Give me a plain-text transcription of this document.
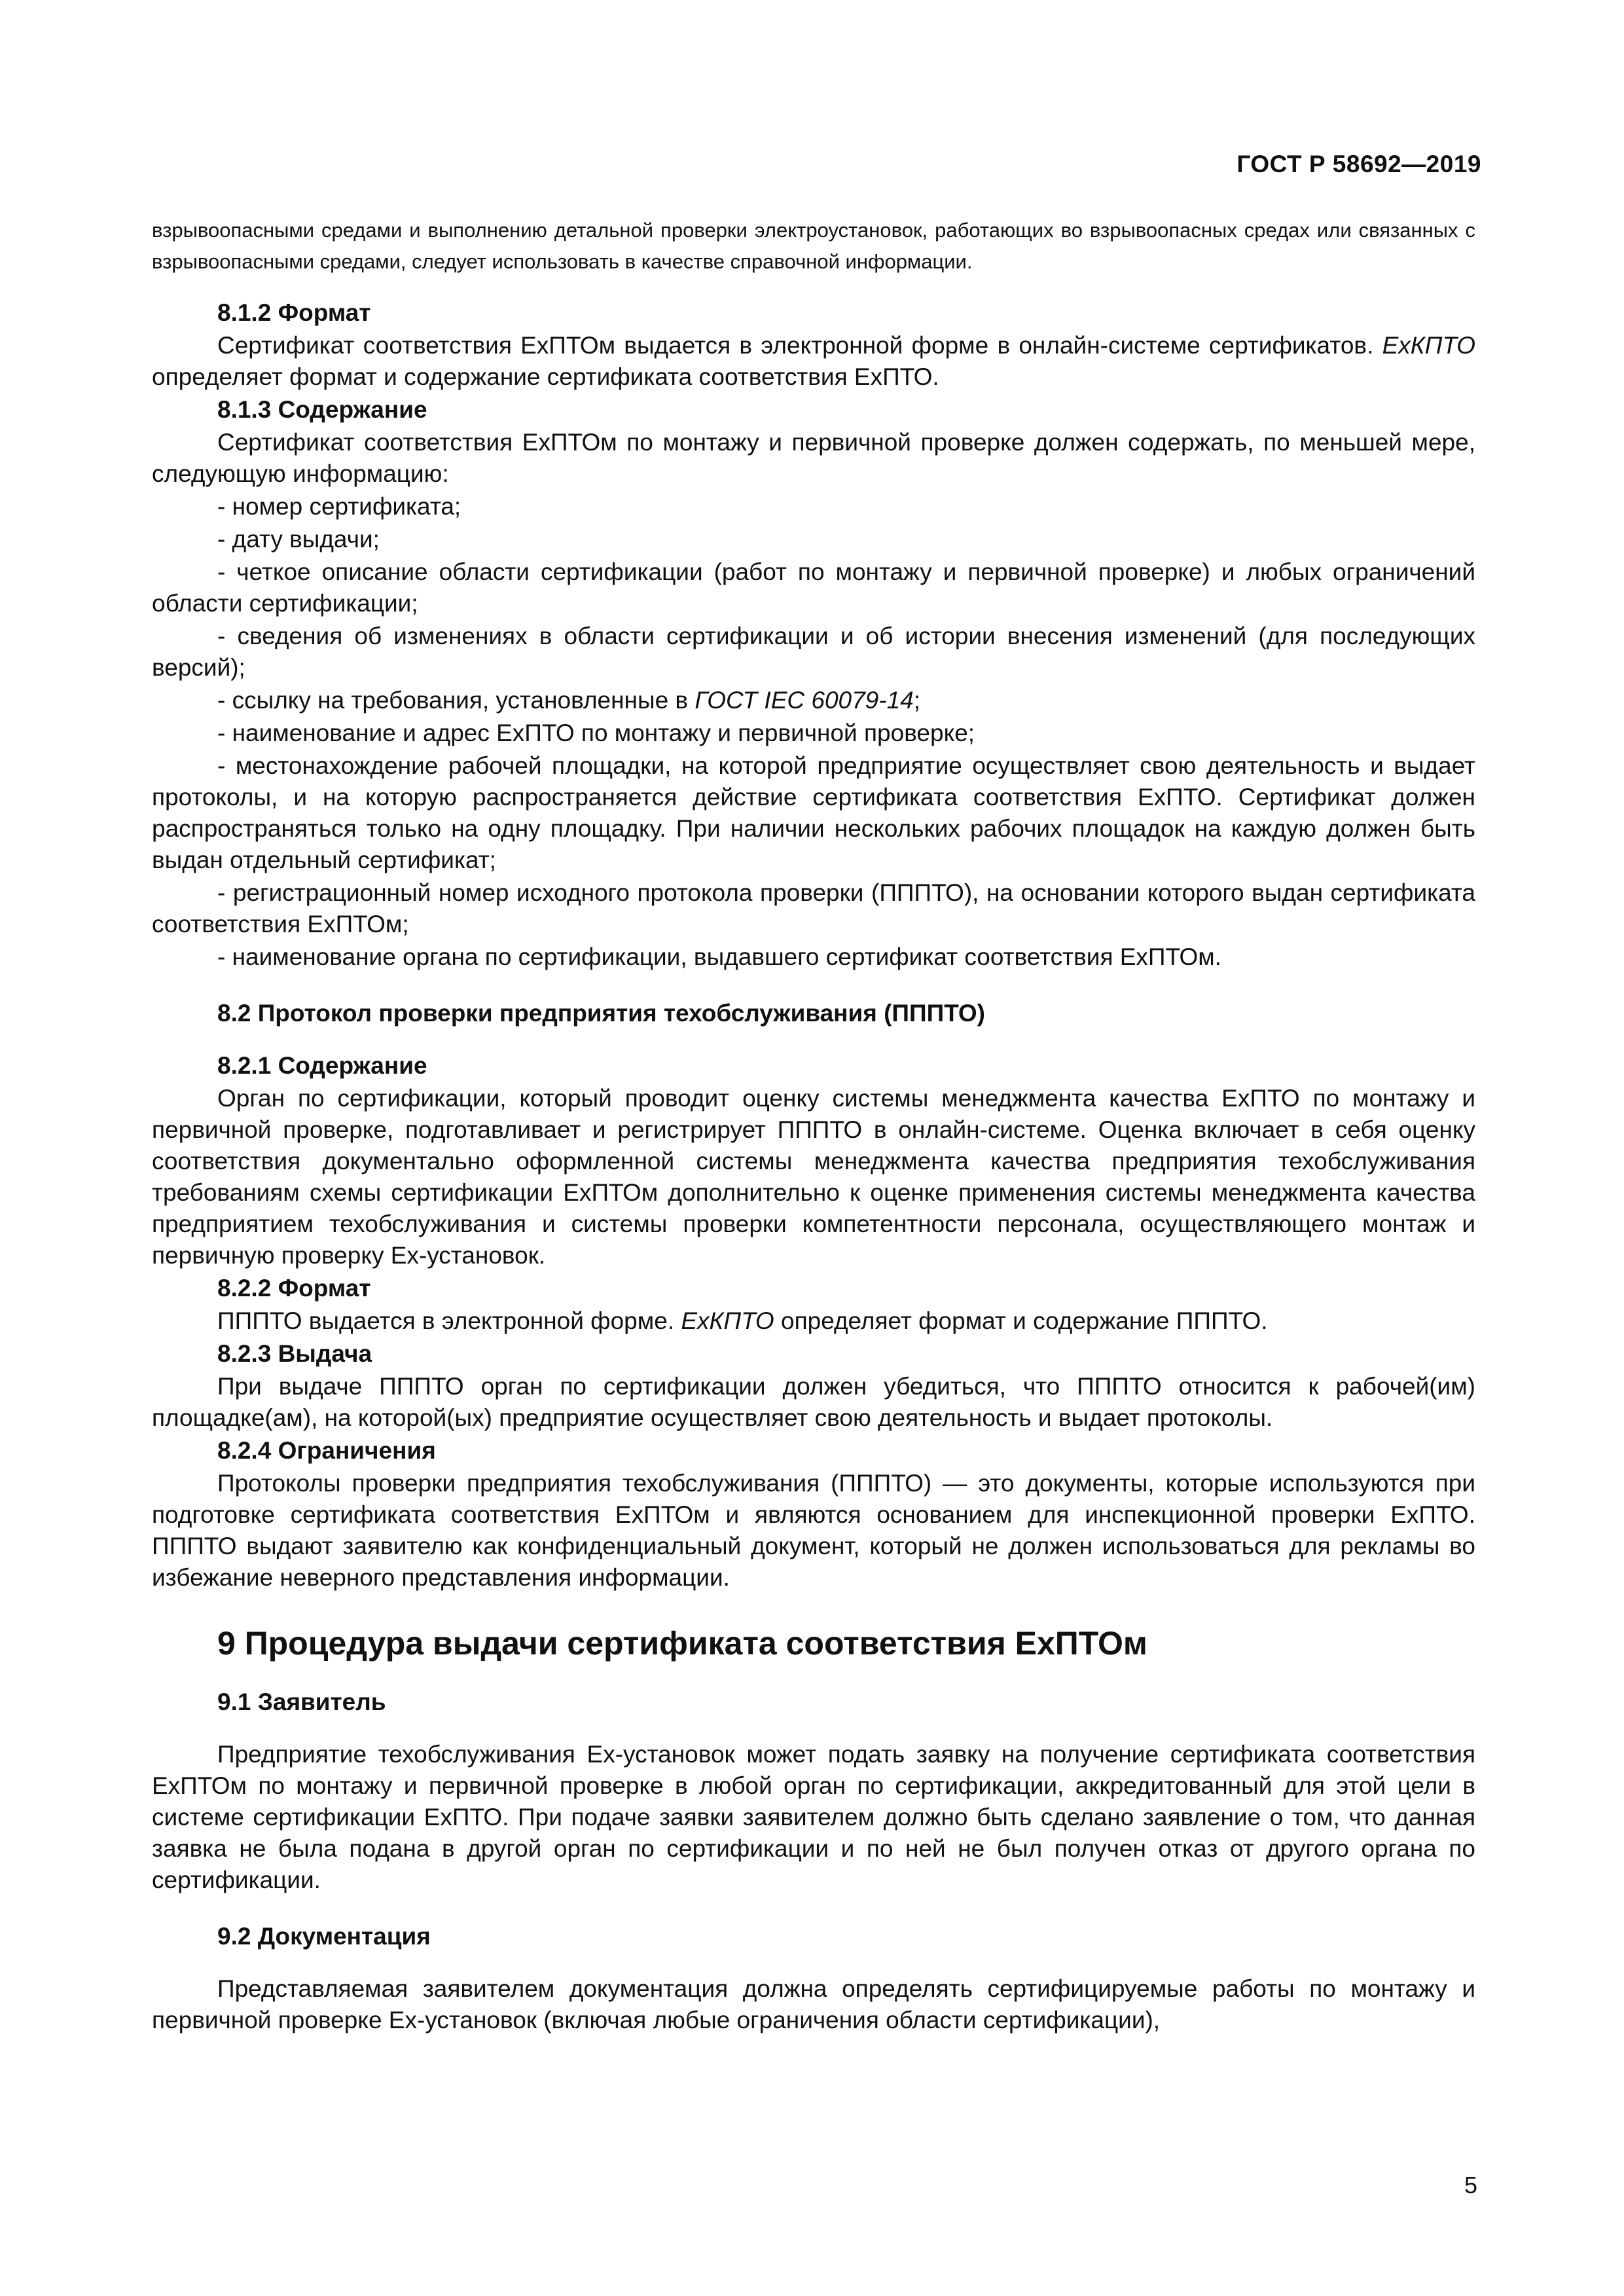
ГОСТ Р 58692—2019

взрывоопасными средами и выполнению детальной проверки электроустановок, работающих во взрывоопасных средах или связанных с взрывоопасными средами, следует использовать в качестве справочной информации.

8.1.2 Формат

Сертификат соответствия ExПТОм выдается в электронной форме в онлайн-системе сертификатов. ExКПТО определяет формат и содержание сертификата соответствия ExПТО.

8.1.3 Содержание

Сертификат соответствия ExПТОм по монтажу и первичной проверке должен содержать, по меньшей мере, следующую информацию:

- номер сертификата;

- дату выдачи;

- четкое описание области сертификации (работ по монтажу и первичной проверке) и любых ограничений области сертификации;

- сведения об изменениях в области сертификации и об истории внесения изменений (для последующих версий);

- ссылку на требования, установленные в ГОСТ IEC 60079-14;

- наименование и адрес ExПТО по монтажу и первичной проверке;

- местонахождение рабочей площадки, на которой предприятие осуществляет свою деятельность и выдает протоколы, и на которую распространяется действие сертификата соответствия ExПТО. Сертификат должен распространяться только на одну площадку. При наличии нескольких рабочих площадок на каждую должен быть выдан отдельный сертификат;

- регистрационный номер исходного протокола проверки (ПППТО), на основании которого выдан сертификата соответствия ExПТОм;

- наименование органа по сертификации, выдавшего сертификат соответствия ExПТОм.

8.2 Протокол проверки предприятия техобслуживания (ПППТО)
8.2.1 Содержание

Орган по сертификации, который проводит оценку системы менеджмента качества ExПТО по монтажу и первичной проверке, подготавливает и регистрирует ПППТО в онлайн-системе. Оценка включает в себя оценку соответствия документально оформленной системы менеджмента качества предприятия техобслуживания требованиям схемы сертификации ExПТОм дополнительно к оценке применения системы менеджмента качества предприятием техобслуживания и системы проверки компетентности персонала, осуществляющего монтаж и первичную проверку Ex-установок.

8.2.2 Формат

ПППТО выдается в электронной форме. ExКПТО определяет формат и содержание ПППТО.

8.2.3 Выдача

При выдаче ПППТО орган по сертификации должен убедиться, что ПППТО относится к рабочей(им) площадке(ам), на которой(ых) предприятие осуществляет свою деятельность и выдает протоколы.

8.2.4 Ограничения

Протоколы проверки предприятия техобслуживания (ПППТО) — это документы, которые используются при подготовке сертификата соответствия ExПТОм и являются основанием для инспекционной проверки ExПТО. ПППТО выдают заявителю как конфиденциальный документ, который не должен использоваться для рекламы во избежание неверного представления информации.

9 Процедура выдачи сертификата соответствия ExПТОм
9.1 Заявитель

Предприятие техобслуживания Ex-установок может подать заявку на получение сертификата соответствия ExПТОм по монтажу и первичной проверке в любой орган по сертификации, аккредитованный для этой цели в системе сертификации ExПТО. При подаче заявки заявителем должно быть сделано заявление о том, что данная заявка не была подана в другой орган по сертификации и по ней не был получен отказ от другого органа по сертификации.

9.2 Документация

Представляемая заявителем документация должна определять сертифицируемые работы по монтажу и первичной проверке Ex-установок (включая любые ограничения области сертификации),

5
